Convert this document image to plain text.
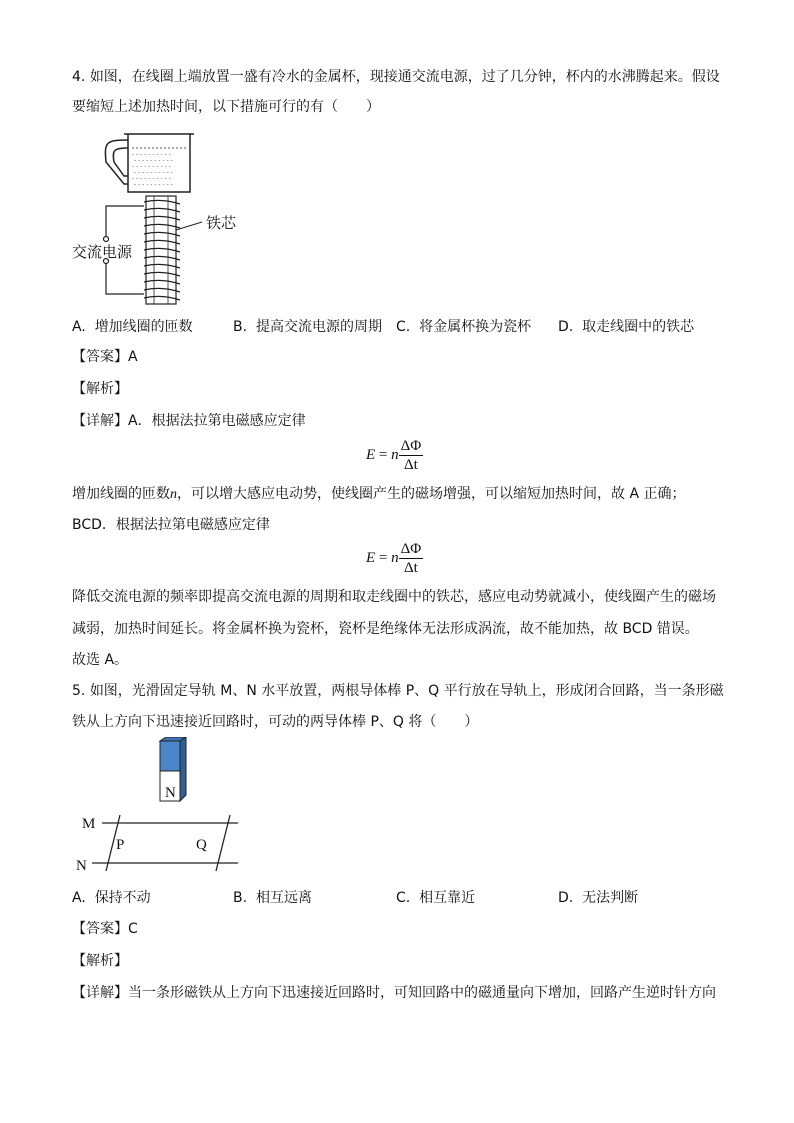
4. 如图，在线圈上端放置一盛有冷水的金属杯，现接通交流电源，过了几分钟，杯内的水沸腾起来。假设
要缩短上述加热时间，以下措施可行的有（　　）
- - - - - - - - - -
- - - - - - - - - -
- - - - - - - - - -
- - - - - - - - - -
- - - - - - - - - -
- - - - - - - - - -
铁芯
交流电源
A. 增加线圈的匝数	B. 提高交流电源的周期 C. 将金属杯换为瓷杯 D. 取走线圈中的铁芯
【答案】A
【解析】
【详解】A．根据法拉第电磁感应定律
E = n $\frac{\Delta\Phi}{\Delta t}$
增加线圈的匝数n，可以增大感应电动势，使线圈产生的磁场增强，可以缩短加热时间，故 A 正确；
BCD．根据法拉第电磁感应定律
E = n $\frac{\Delta\Phi}{\Delta t}$
降低交流电源的频率即提高交流电源的周期和取走线圈中的铁芯，感应电动势就减小，使线圈产生的磁场
减弱，加热时间延长。将金属杯换为瓷杯，瓷杯是绝缘体无法形成涡流，故不能加热，故 BCD 错误。
故选 A。
5. 如图，光滑固定导轨 M、N 水平放置，两根导体棒 P、Q 平行放在导轨上，形成闭合回路，当一条形磁
铁从上方向下迅速接近回路时，可动的两导体棒 P、Q 将（　　）
N
M
N
P	Q
A. 保持不动	B. 相互远离	C. 相互靠近	D. 无法判断
【答案】C
【解析】
【详解】当一条形磁铁从上方向下迅速接近回路时，可知回路中的磁通量向下增加，回路产生逆时针方向
